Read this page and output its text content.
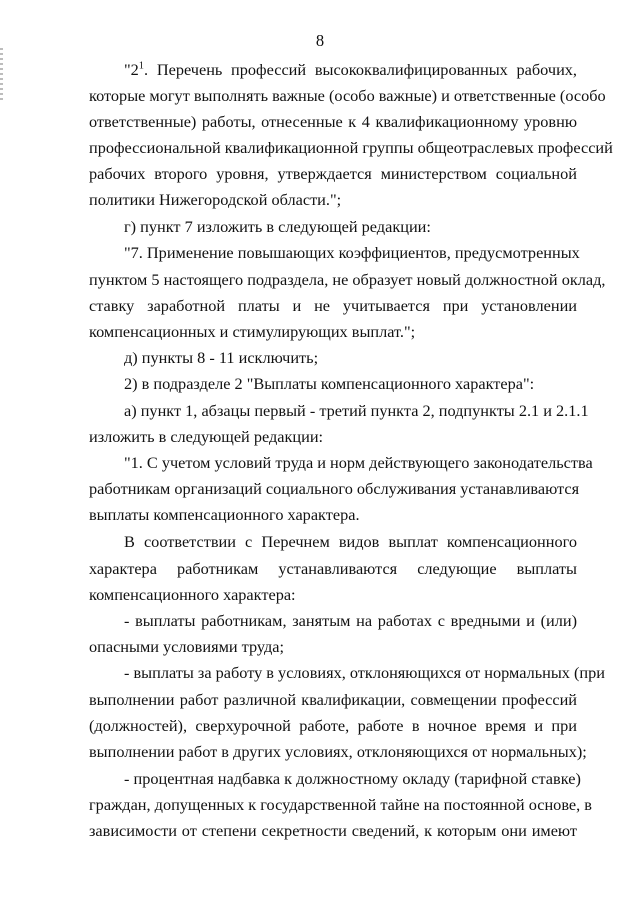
8
"$2^1$. Перечень профессий высококвалифицированных рабочих,
которые могут выполнять важные (особо важные) и ответственные (особо
ответственные) работы, отнесенные к 4 квалификационному уровню
профессиональной квалификационной группы общеотраслевых профессий
рабочих второго уровня, утверждается министерством социальной
политики Нижегородской области.";
г) пункт 7 изложить в следующей редакции:
"7. Применение повышающих коэффициентов, предусмотренных
пунктом 5 настоящего подраздела, не образует новый должностной оклад,
ставку заработной платы и не учитывается при установлении
компенсационных и стимулирующих выплат.";
д) пункты 8 - 11 исключить;
2) в подразделе 2 "Выплаты компенсационного характера":
а) пункт 1, абзацы первый - третий пункта 2, подпункты 2.1 и 2.1.1
изложить в следующей редакции:
"1. С учетом условий труда и норм действующего законодательства
работникам организаций социального обслуживания устанавливаются
выплаты компенсационного характера.
В соответствии с Перечнем видов выплат компенсационного
характера работникам устанавливаются следующие выплаты
компенсационного характера:
- выплаты работникам, занятым на работах с вредными и (или)
опасными условиями труда;
- выплаты за работу в условиях, отклоняющихся от нормальных (при
выполнении работ различной квалификации, совмещении профессий
(должностей), сверхурочной работе, работе в ночное время и при
выполнении работ в других условиях, отклоняющихся от нормальных);
- процентная надбавка к должностному окладу (тарифной ставке)
граждан, допущенных к государственной тайне на постоянной основе, в
зависимости от степени секретности сведений, к которым они имеют
